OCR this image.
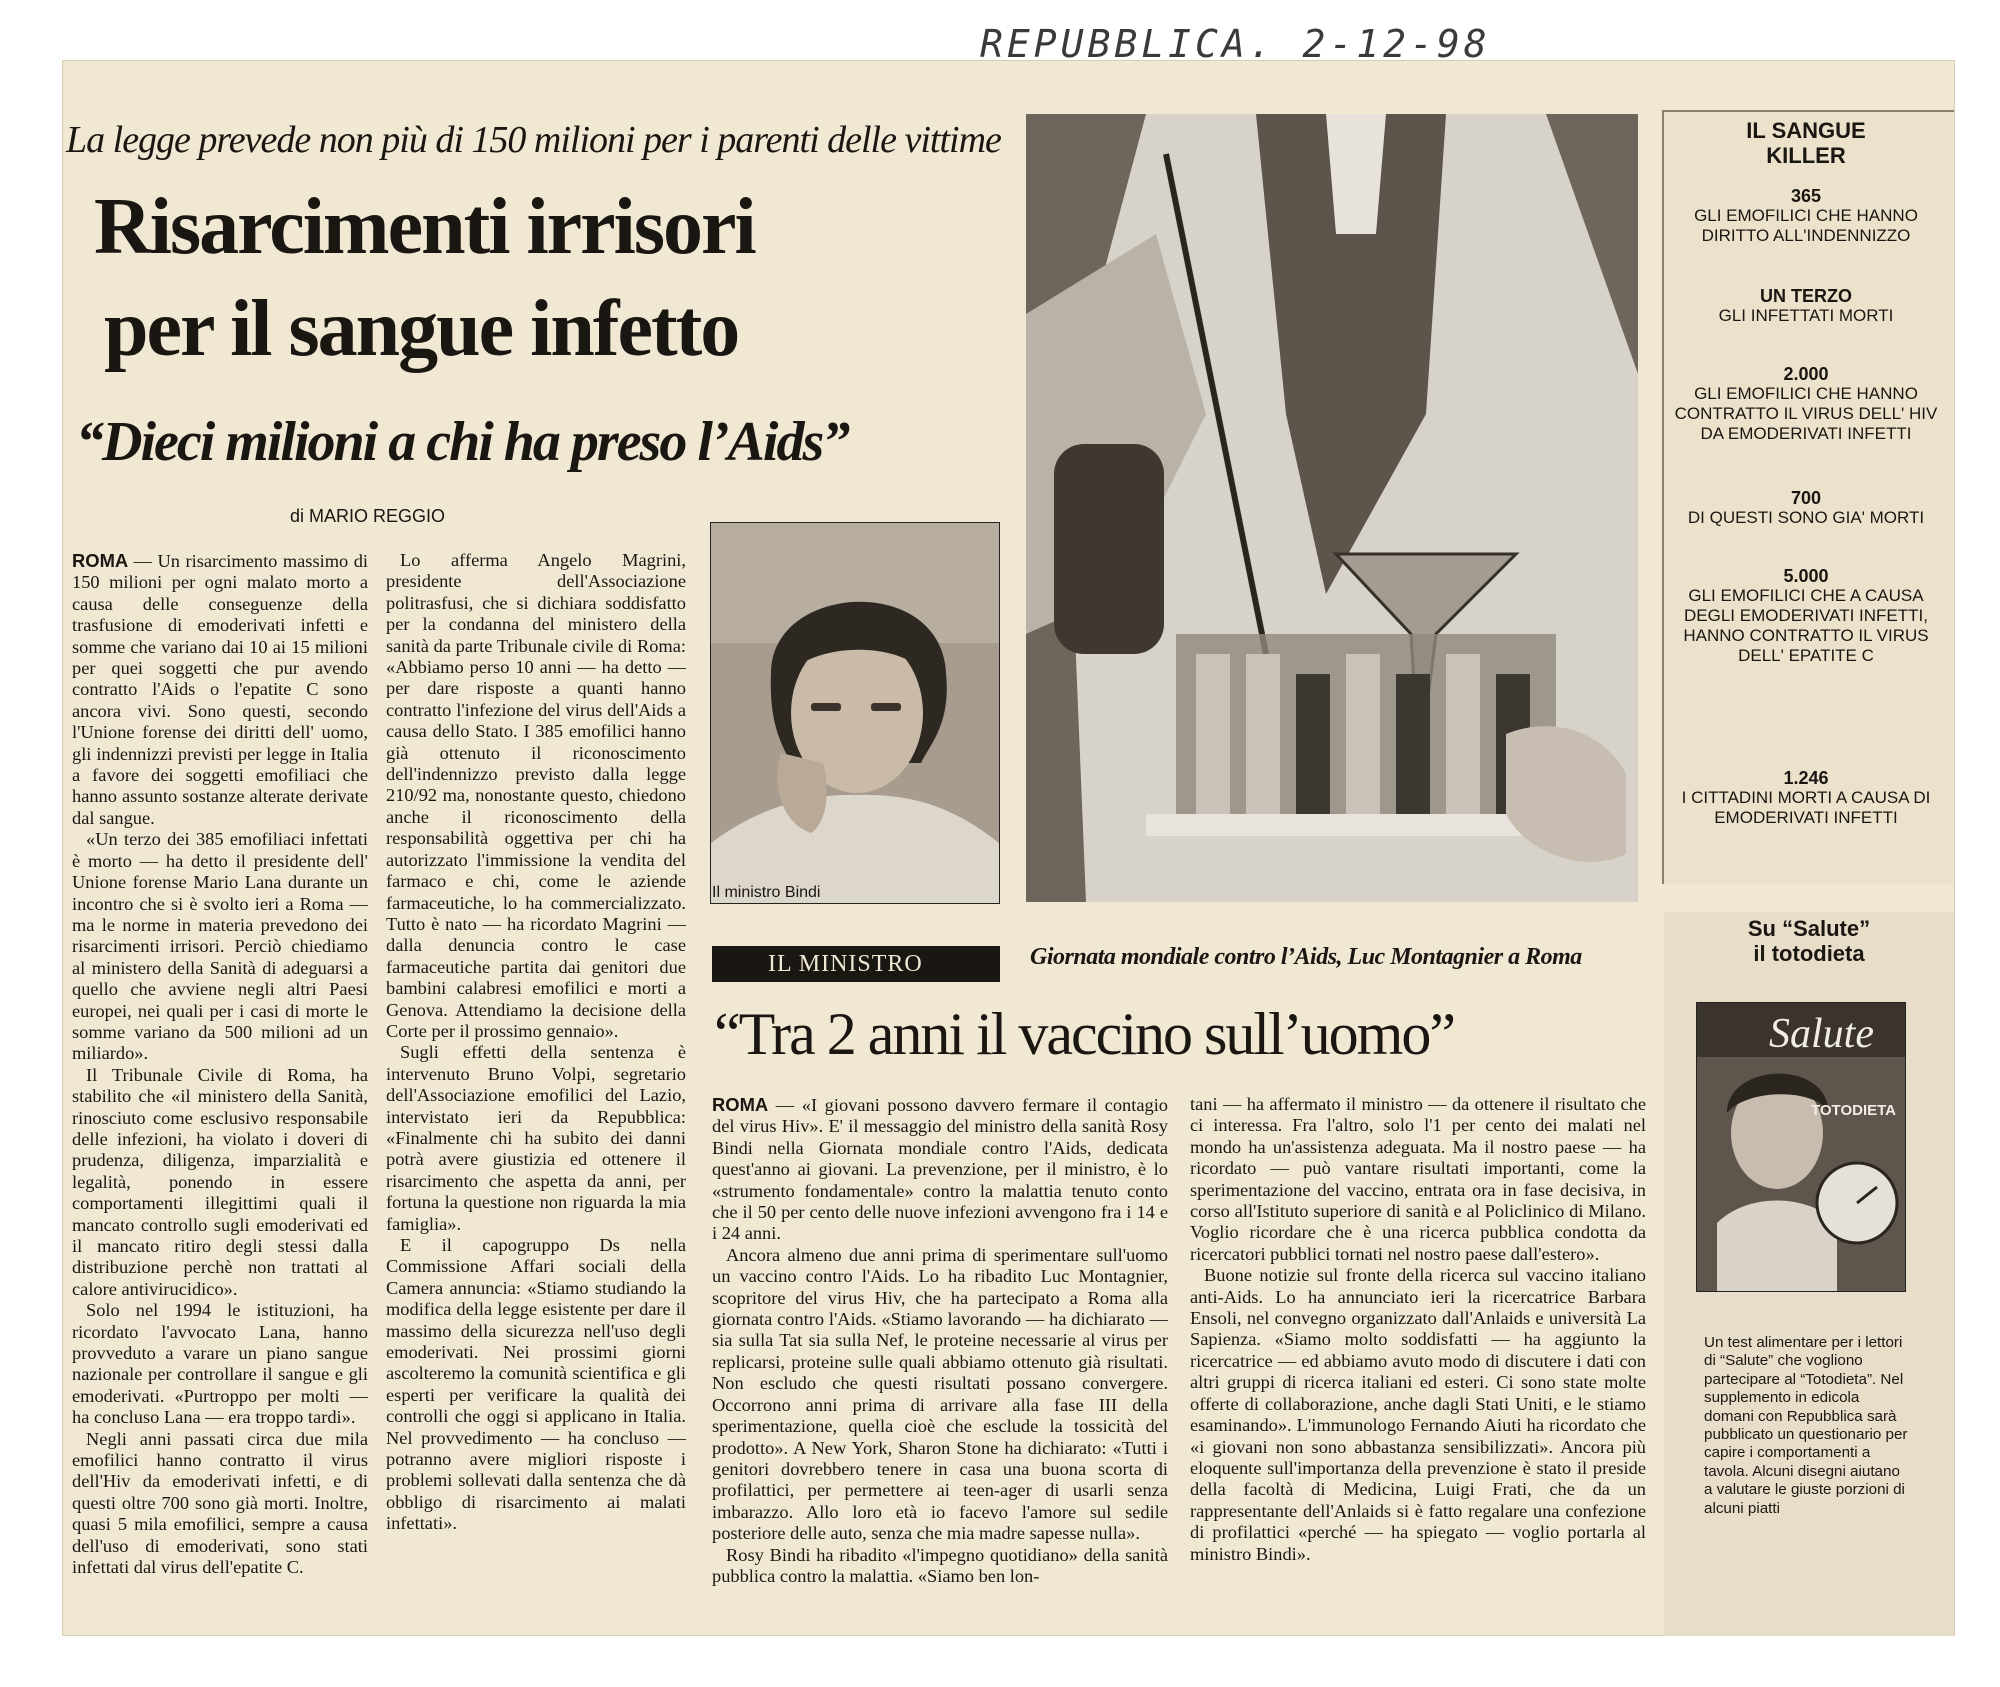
REPUBBLICA. 2-12-98
La legge prevede non più di 150 milioni per i parenti delle vittime
Risarcimenti irrisori
per il sangue infetto
“Dieci milioni a chi ha preso l’Aids”
di MARIO REGGIO

ROMA — Un risarcimento massimo di 150 milioni per ogni malato morto a causa delle conseguenze della trasfusione di emoderivati infetti e somme che variano dai 10 ai 15 milioni per quei soggetti che pur avendo contratto l'Aids o l'epatite C sono ancora vivi. Sono questi, secondo l'Unione forense dei diritti dell' uomo, gli indennizzi previsti per legge in Italia a favore dei soggetti emofiliaci che hanno assunto sostanze alterate derivate dal sangue.

«Un terzo dei 385 emofiliaci infettati è morto — ha detto il presidente dell' Unione forense Mario Lana durante un incontro che si è svolto ieri a Roma — ma le norme in materia prevedono dei risarcimenti irrisori. Perciò chiediamo al ministero della Sanità di adeguarsi a quello che avviene negli altri Paesi europei, nei quali per i casi di morte le somme variano da 500 milioni ad un miliardo».

Il Tribunale Civile di Roma, ha stabilito che «il ministero della Sanità, rinosciuto come esclusivo responsabile delle infezioni, ha violato i doveri di prudenza, diligenza, imparzialità e legalità, ponendo in essere comportamenti illegittimi quali il mancato controllo sugli emoderivati ed il mancato ritiro degli stessi dalla distribuzione perchè non trattati al calore antivirucidico».

Solo nel 1994 le istituzioni, ha ricordato l'avvocato Lana, hanno provveduto a varare un piano sangue nazionale per controllare il sangue e gli emoderivati. «Purtroppo per molti — ha concluso Lana — era troppo tardi».

Negli anni passati circa due mila emofilici hanno contratto il virus dell'Hiv da emoderivati infetti, e di questi oltre 700 sono già morti. Inoltre, quasi 5 mila emofilici, sempre a causa dell'uso di emoderivati, sono stati infettati dal virus dell'epatite C.

Lo afferma Angelo Magrini, presidente dell'Associazione politrasfusi, che si dichiara soddisfatto per la condanna del ministero della sanità da parte Tribunale civile di Roma: «Abbiamo perso 10 anni — ha detto — per dare risposte a quanti hanno contratto l'infezione del virus dell'Aids a causa dello Stato. I 385 emofilici hanno già ottenuto il riconoscimento dell'indennizzo previsto dalla legge 210/92 ma, nonostante questo, chiedono anche il riconoscimento della responsabilità oggettiva per chi ha autorizzato l'immissione la vendita del farmaco e chi, come le aziende farmaceutiche, lo ha commercializzato. Tutto è nato — ha ricordato Magrini — dalla denuncia contro le case farmaceutiche partita dai genitori due bambini calabresi emofilici e morti a Genova. Attendiamo la decisione della Corte per il prossimo gennaio».

Sugli effetti della sentenza è intervenuto Bruno Volpi, segretario dell'Associazione emofilici del Lazio, intervistato ieri da Repubblica: «Finalmente chi ha subito dei danni potrà avere giustizia ed ottenere il risarcimento che aspetta da anni, per fortuna la questione non riguarda la mia famiglia».

E il capogruppo Ds nella Commissione Affari sociali della Camera annuncia: «Stiamo studiando la modifica della legge esistente per dare il massimo della sicurezza nell'uso degli emoderivati. Nei prossimi giorni ascolteremo la comunità scientifica e gli esperti per verificare la qualità dei controlli che oggi si applicano in Italia. Nel provvedimento — ha concluso — potranno avere migliori risposte i problemi sollevati dalla sentenza che dà obbligo di risarcimento ai malati infettati».

Il ministro Bindi
IL SANGUE
KILLER
365
GLI EMOFILICI CHE HANNO DIRITTO ALL'INDENNIZZO
UN TERZO
GLI INFETTATI MORTI
2.000
GLI EMOFILICI CHE HANNO CONTRATTO IL VIRUS DELL' HIV DA EMODERIVATI INFETTI
700
DI QUESTI SONO GIA' MORTI
5.000
GLI EMOFILICI CHE A CAUSA DEGLI EMODERIVATI INFETTI, HANNO CONTRATTO IL VIRUS DELL' EPATITE C
1.246
I CITTADINI MORTI A CAUSA DI EMODERIVATI INFETTI
Su “Salute”
il totodieta
Salute
TOTODIETA
Un test alimentare per i lettori di “Salute” che vogliono partecipare al “Totodieta”. Nel supplemento in edicola domani con Repubblica sarà pubblicato un questionario per capire i comportamenti a tavola. Alcuni disegni aiutano a valutare le giuste porzioni di alcuni piatti
IL MINISTRO	Giornata mondiale contro l’Aids, Luc Montagnier a Roma
“Tra 2 anni il vaccino sull’uomo”

ROMA — «I giovani possono davvero fermare il contagio del virus Hiv». E' il messaggio del ministro della sanità Rosy Bindi nella Giornata mondiale contro l'Aids, dedicata quest'anno ai giovani. La prevenzione, per il ministro, è lo «strumento fondamentale» contro la malattia tenuto conto che il 50 per cento delle nuove infezioni avvengono fra i 14 e i 24 anni.

Ancora almeno due anni prima di sperimentare sull'uomo un vaccino contro l'Aids. Lo ha ribadito Luc Montagnier, scopritore del virus Hiv, che ha partecipato a Roma alla giornata contro l'Aids. «Stiamo lavorando — ha dichiarato — sia sulla Tat sia sulla Nef, le proteine necessarie al virus per replicarsi, proteine sulle quali abbiamo ottenuto già risultati. Non escludo che questi risultati possano convergere. Occorrono anni prima di arrivare alla fase III della sperimentazione, quella cioè che esclude la tossicità del prodotto». A New York, Sharon Stone ha dichiarato: «Tutti i genitori dovrebbero tenere in casa una buona scorta di profilattici, per permettere ai teen-ager di usarli senza imbarazzo. Allo loro età io facevo l'amore sul sedile posteriore delle auto, senza che mia madre sapesse nulla».

Rosy Bindi ha ribadito «l'impegno quotidiano» della sanità pubblica contro la malattia. «Siamo ben lon-

tani — ha affermato il ministro — da ottenere il risultato che ci interessa. Fra l'altro, solo l'1 per cento dei malati nel mondo ha un'assistenza adeguata. Ma il nostro paese — ha ricordato — può vantare risultati importanti, come la sperimentazione del vaccino, entrata ora in fase decisiva, in corso all'Istituto superiore di sanità e al Policlinico di Milano. Voglio ricordare che è una ricerca pubblica condotta da ricercatori pubblici tornati nel nostro paese dall'estero».

Buone notizie sul fronte della ricerca sul vaccino italiano anti-Aids. Lo ha annunciato ieri la ricercatrice Barbara Ensoli, nel convegno organizzato dall'Anlaids e università La Sapienza. «Siamo molto soddisfatti — ha aggiunto la ricercatrice — ed abbiamo avuto modo di discutere i dati con altri gruppi di ricerca italiani ed esteri. Ci sono state molte offerte di collaborazione, anche dagli Stati Uniti, e le stiamo esaminando». L'immunologo Fernando Aiuti ha ricordato che «i giovani non sono abbastanza sensibilizzati». Ancora più eloquente sull'importanza della prevenzione è stato il preside della facoltà di Medicina, Luigi Frati, che da un rappresentante dell'Anlaids si è fatto regalare una confezione di profilattici «perché — ha spiegato — voglio portarla al ministro Bindi».
